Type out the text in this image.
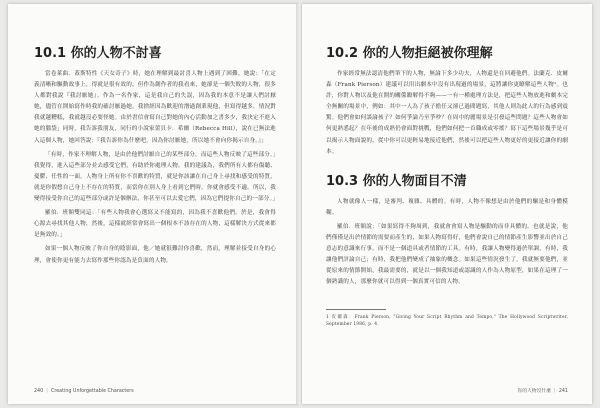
10.1 你的人物不討喜

當卷萊曲．蓋斯特性《天女奇子》時，她在理解到最討喜人物上遇到了困難，她說：「在定義清晰和驅動故事上，得就是很有效的，但作為創作者的我看來，她卻是一個失敗的人物，很多人都對我說『我討厭她』。作為一名作家，這是我自己的失誤，因為我的本意不是讓人們討厭她，儘管在開始寫作時我的確討厭過她。我捨經因為歡迎的潛過創業現他，但寫得越多，情況對我就越糟糕，我就越沒必要怪她。由於書信會寫自己對她的內心活動加之書多少，我決定不進入她的腦袋」同時，我告訴我朋友，同行的小說家蕾貝卡．希爾（Rebecca Hill），說在已無法進入這個人物，她回答說：『我告訴你為什麼吧，因為你討厭她，所以她不會向你揭示自身。』」

「有時，作家不理解人物，是由於他們討厭自己的某些部分，而這些人物反映了這些部分。」我覺得，進入這些部分並去感受它們，有助於你處理人物。我的建議為，我們所有人都有傷聽、憂鬱、任性的一面。人物身上所有你不喜歡的特質，就是你該讓在自己身上尋找和感受的特質，就是你假想自己身上不存在的特質，而當你在別人身上看到它們時，你就會感受不適。所以，我變得接受你自己的這些部分或許是個辦法，你甚至可以去愛它們，因為它們提你自己的一部分。」

羅伯．班額雙同這：「有些人物我會心選寫又不能寫的，因為我不喜歡他們。於是，我會得心源去尋找其他人物，然後，這樣就經常會寫出一個根本不該存在的人物，這樣解決方式從來都是無效的。」

如果一個人物反映了你自身的陰影面，他／她就很難討你喜歡，然而，理解並接受自身的心理，會使你更有能力去寫作那些你認為是負面的人物。

240 ｜ Creating Unforgettable Characters
10.2 你的人物拒絕被你理解

作家經常無法認清他們筆下的人物，無論下多少功夫，人物還是在回避他們。法蘭克．皮爾森（Frank Pierson）建議可以用出劇本中沒有出現過的場景，這將讓你更瞭解這些人物¹。也許，你對人物以及他在開的關係瞭解得不夠——一有一種處理方法是，把這些人物放進和劇本完全無關的場景中，例如：其中一人為了孩子擔任又卻已過間題寫，其他人則為此人的行為感到震驚。他們會如何談論孩子？如何爭論乃至爭吵？在周中的麗場景是引發這些問題？這些人物會如何更熟悉起？在年後的成熟仍會面對挑戰，他們如何把一首職成或零搖？寫下這些場景幾乎是可以揭示人物面貌的，從中你可以更輕易地接近他們，然後可以把這些人物更好的更接近讓你的劇本。

10.3 你的人物面目不清

人物就像人一樣，是審判、複雜、具體的。有時，人物不像想是由於他們的驅是和身體模糊。

羅伯．班額說：「如果寫得不夠周到，我就會會寫人物是驅動的而非具體的。也就是說，他們僅僅是出於情節的需要而產生的，如果人物寫得好，他們會說自己的情節產生影響並出於自己意志的意識來行事，而不是一個道具或者情節的工具。有時，我讓人物變得過於單調，有時，我讓他們評論自己；有時，我把他們變成了抽象的概念。如果這些情況發生了，我就無要他們，並從原來的情節開始，我最需要的，就是以一個我知道或認識的人作為人物原型，如果在這理了一個熟識的人，那麼你就可以得到一個真實可信的人物。

1 皮爾森：Frank Pierson, "Giving Your Script Rhythm and Tempo," The Hollywood Scriptwriter, September 1986, p. 4.

你的人物沒什麼 ｜ 241
